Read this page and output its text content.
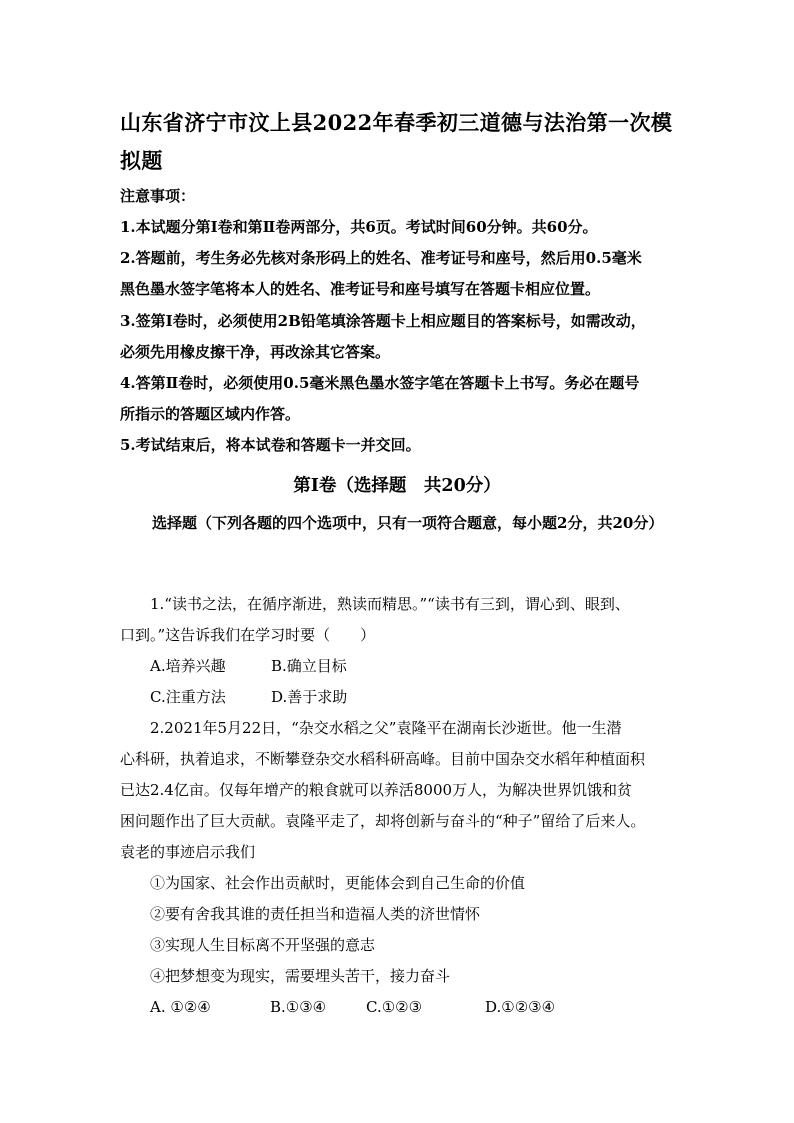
山东省济宁市汶上县2022年春季初三道德与法治第一次模拟题
注意事项：
1.本试题分第Ⅰ卷和第Ⅱ卷两部分，共6页。考试时间60分钟。共60分。
2.答题前，考生务必先核对条形码上的姓名、准考证号和座号，然后用0.5毫米
黑色墨水签字笔将本人的姓名、准考证号和座号填写在答题卡相应位置。
3.签第Ⅰ卷时，必须使用2B铅笔填涂答题卡上相应题目的答案标号，如需改动，
必须先用橡皮擦干净，再改涂其它答案。
4.答第Ⅱ卷时，必须使用0.5毫米黑色墨水签字笔在答题卡上书写。务必在题号
所指示的答题区域内作答。
5.考试结束后，将本试卷和答题卡一并交回。
第Ⅰ卷（选择题　共20分）
选择题（下列各题的四个选项中，只有一项符合题意，每小题2分，共20分）
1.“读书之法，在循序渐进，熟读而精思。”“读书有三到，谓心到、眼到、
口到。”这告诉我们在学习时要（　　）
A.培养兴趣	B.确立目标
C.注重方法	D.善于求助
2.2021年5月22日，“杂交水稻之父”袁隆平在湖南长沙逝世。他一生潜
心科研，执着追求，不断攀登杂交水稻科研高峰。目前中国杂交水稻年种植面积
已达2.4亿亩。仅每年增产的粮食就可以养活8000万人，为解决世界饥饿和贫
困问题作出了巨大贡献。袁隆平走了，却将创新与奋斗的“种子”留给了后来人。
袁老的事迹启示我们
①为国家、社会作出贡献时，更能体会到自己生命的价值
②要有舍我其谁的责任担当和造福人类的济世情怀
③实现人生目标离不开坚强的意志
④把梦想变为现实，需要埋头苦干，接力奋斗
A. ①②④	B.①③④	C.①②③	D.①②③④
